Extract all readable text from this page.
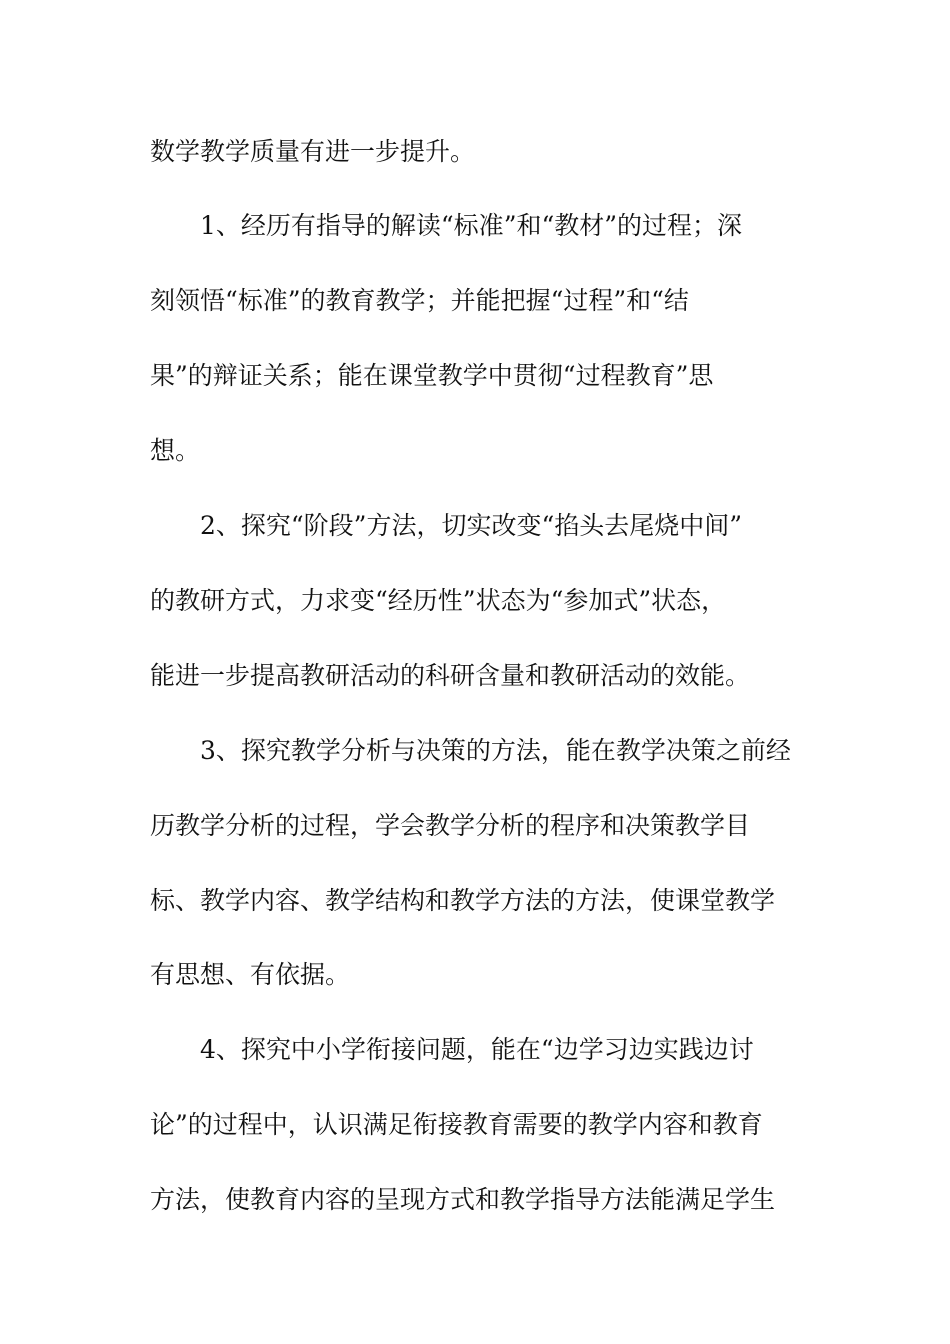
数学教学质量有进一步提升。
1、经历有指导的解读“标准”和“教材”的过程；深
刻领悟“标准”的教育教学；并能把握“过程”和“结
果”的辩证关系；能在课堂教学中贯彻“过程教育”思
想。
2、探究“阶段”方法，切实改变“掐头去尾烧中间”
的教研方式，力求变“经历性”状态为“参加式”状态，
能进一步提高教研活动的科研含量和教研活动的效能。
3、探究教学分析与决策的方法，能在教学决策之前经
历教学分析的过程，学会教学分析的程序和决策教学目
标、教学内容、教学结构和教学方法的方法，使课堂教学
有思想、有依据。
4、探究中小学衔接问题，能在“边学习边实践边讨
论”的过程中，认识满足衔接教育需要的教学内容和教育
方法，使教育内容的呈现方式和教学指导方法能满足学生
